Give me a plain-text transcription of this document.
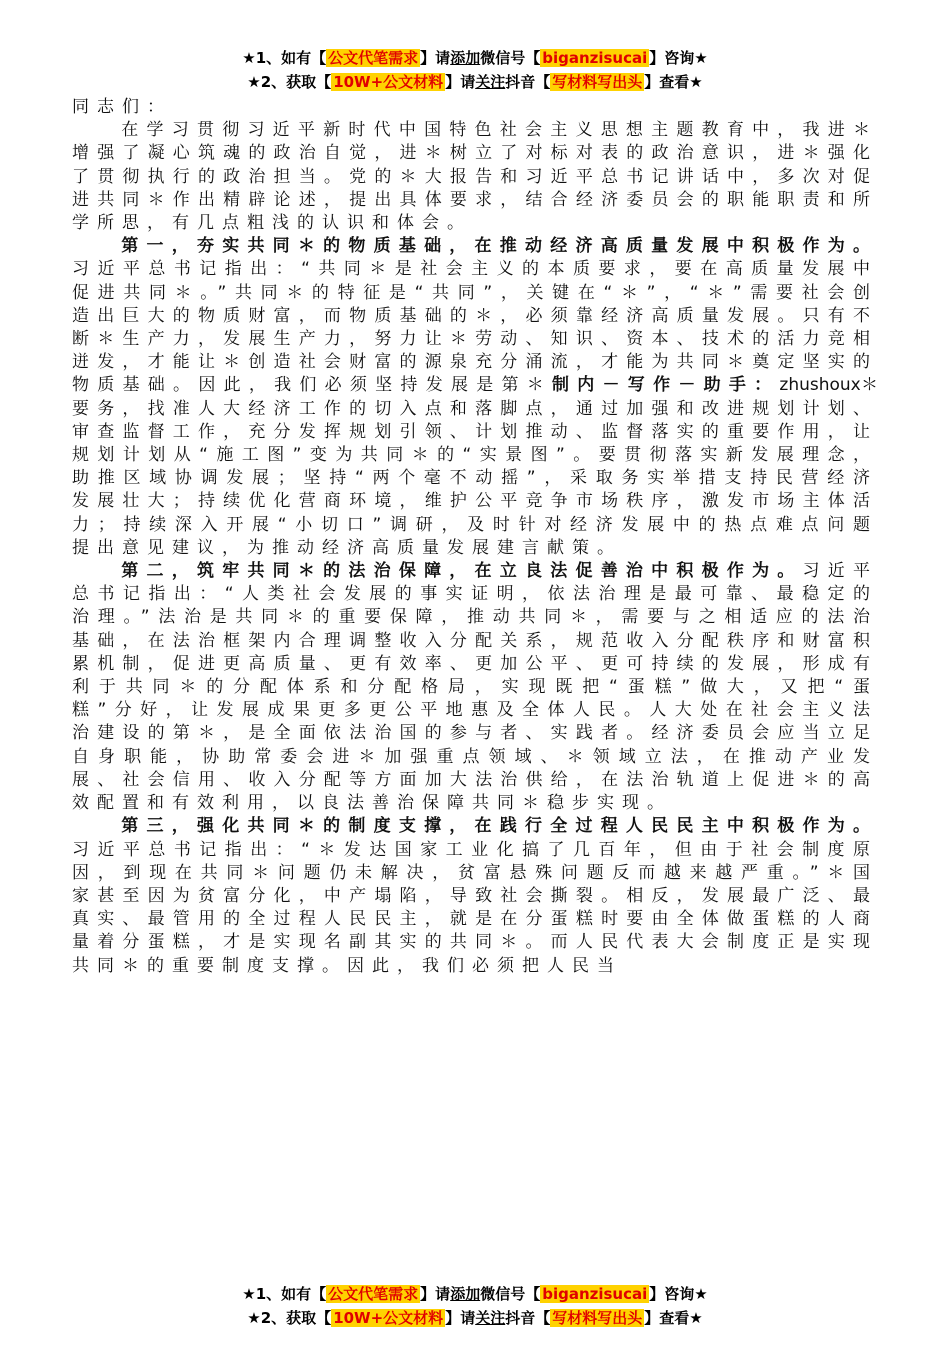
★1、如有【 公文代笔需求 】请添加微信号【 biganzisucai 】咨询★
★2、获取【 10W+公文材料 】请关注抖音【 写材料写出头 】查看★

同志们：

在学习贯彻习近平新时代中国特色社会主义思想主题教育中，我进＊增强了凝心筑魂的政治自觉，进＊树立了对标对表的政治意识，进＊强化了贯彻执行的政治担当。党的＊大报告和习近平总书记讲话中，多次对促进共同＊作出精辟论述，提出具体要求，结合经济委员会的职能职责和所学所思，有几点粗浅的认识和体会。

第一，夯实共同＊的物质基础，在推动经济高质量发展中积极作为。习近平总书记指出：“共同＊是社会主义的本质要求，要在高质量发展中促进共同＊。”共同＊的特征是“共同”，关键在“＊”，“＊”需要社会创造出巨大的物质财富，而物质基础的＊，必须靠经济高质量发展。只有不断＊生产力，发展生产力，努力让＊劳动、知识、资本、技术的活力竞相迸发，才能让＊创造社会财富的源泉充分涌流，才能为共同＊奠定坚实的物质基础。因此，我们必须坚持发展是第＊制内－写作－助手：zhushoux＊要务，找准人大经济工作的切入点和落脚点，通过加强和改进规划计划、审查监督工作，充分发挥规划引领、计划推动、监督落实的重要作用，让规划计划从“施工图”变为共同＊的“实景图”。要贯彻落实新发展理念，助推区域协调发展；坚持“两个毫不动摇”，采取务实举措支持民营经济发展壮大；持续优化营商环境，维护公平竞争市场秩序，激发市场主体活力；持续深入开展“小切口”调研，及时针对经济发展中的热点难点问题提出意见建议，为推动经济高质量发展建言献策。

第二，筑牢共同＊的法治保障，在立良法促善治中积极作为。习近平总书记指出：“人类社会发展的事实证明，依法治理是最可靠、最稳定的治理。”法治是共同＊的重要保障，推动共同＊，需要与之相适应的法治基础，在法治框架内合理调整收入分配关系，规范收入分配秩序和财富积累机制，促进更高质量、更有效率、更加公平、更可持续的发展，形成有利于共同＊的分配体系和分配格局，实现既把“蛋糕”做大，又把“蛋糕”分好，让发展成果更多更公平地惠及全体人民。人大处在社会主义法治建设的第＊，是全面依法治国的参与者、实践者。经济委员会应当立足自身职能，协助常委会进＊加强重点领域、＊领域立法，在推动产业发展、社会信用、收入分配等方面加大法治供给，在法治轨道上促进＊的高效配置和有效利用，以良法善治保障共同＊稳步实现。

第三，强化共同＊的制度支撑，在践行全过程人民民主中积极作为。习近平总书记指出：“＊发达国家工业化搞了几百年，但由于社会制度原因，到现在共同＊问题仍未解决，贫富悬殊问题反而越来越严重。”＊国家甚至因为贫富分化，中产塌陷，导致社会撕裂。相反，发展最广泛、最真实、最管用的全过程人民民主，就是在分蛋糕时要由全体做蛋糕的人商量着分蛋糕，才是实现名副其实的共同＊。而人民代表大会制度正是实现共同＊的重要制度支撑。因此，我们必须把人民当

★1、如有【 公文代笔需求 】请添加微信号【 biganzisucai 】咨询★
★2、获取【 10W+公文材料 】请关注抖音【 写材料写出头 】查看★
